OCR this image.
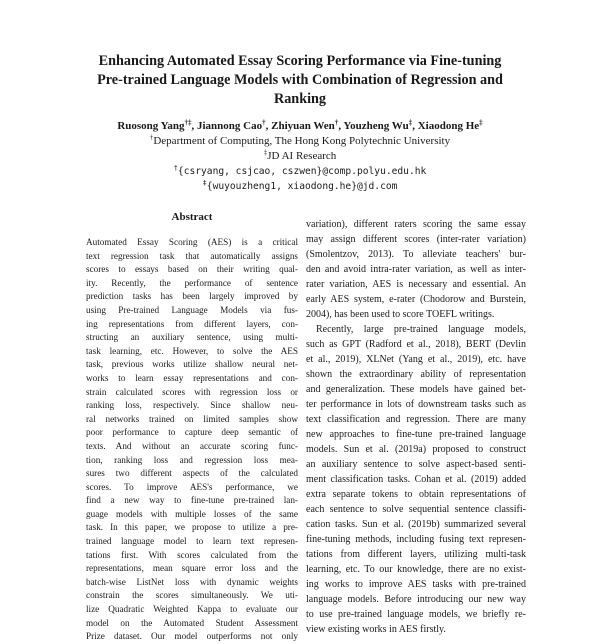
Enhancing Automated Essay Scoring Performance via Fine-tuning
Pre-trained Language Models with Combination of Regression and
Ranking
Ruosong Yang†‡, Jiannong Cao†, Zhiyuan Wen†, Youzheng Wu‡, Xiaodong He‡
†Department of Computing, The Hong Kong Polytechnic University
‡JD AI Research
†{csryang, csjcao, cszwen}@comp.polyu.edu.hk
‡{wuyouzheng1, xiaodong.he}@jd.com
Abstract
Automated Essay Scoring (AES) is a critical
text regression task that automatically assigns
scores to essays based on their writing qual-
ity. Recently, the performance of sentence
prediction tasks has been largely improved by
using Pre-trained Language Models via fus-
ing representations from different layers, con-
structing an auxiliary sentence, using multi-
task learning, etc. However, to solve the AES
task, previous works utilize shallow neural net-
works to learn essay representations and con-
strain calculated scores with regression loss or
ranking loss, respectively. Since shallow neu-
ral networks trained on limited samples show
poor performance to capture deep semantic of
texts. And without an accurate scoring func-
tion, ranking loss and regression loss mea-
sures two different aspects of the calculated
scores. To improve AES's performance, we
find a new way to fine-tune pre-trained lan-
guage models with multiple losses of the same
task. In this paper, we propose to utilize a pre-
trained language model to learn text represen-
tations first. With scores calculated from the
representations, mean square error loss and the
batch-wise ListNet loss with dynamic weights
constrain the scores simultaneously. We uti-
lize Quadratic Weighted Kappa to evaluate our
model on the Automated Student Assessment
Prize dataset. Our model outperforms not only
variation), different raters scoring the same essay
may assign different scores (inter-rater variation)
(Smolentzov, 2013). To alleviate teachers' bur-
den and avoid intra-rater variation, as well as inter-
rater variation, AES is necessary and essential. An
early AES system, e-rater (Chodorow and Burstein,
2004), has been used to score TOEFL writings.
Recently, large pre-trained language models,
such as GPT (Radford et al., 2018), BERT (Devlin
et al., 2019), XLNet (Yang et al., 2019), etc. have
shown the extraordinary ability of representation
and generalization. These models have gained bet-
ter performance in lots of downstream tasks such as
text classification and regression. There are many
new approaches to fine-tune pre-trained language
models. Sun et al. (2019a) proposed to construct
an auxiliary sentence to solve aspect-based senti-
ment classification tasks. Cohan et al. (2019) added
extra separate tokens to obtain representations of
each sentence to solve sequential sentence classifi-
cation tasks. Sun et al. (2019b) summarized several
fine-tuning methods, including fusing text represen-
tations from different layers, utilizing multi-task
learning, etc. To our knowledge, there are no exist-
ing works to improve AES tasks with pre-trained
language models. Before introducing our new way
to use pre-trained language models, we briefly re-
view existing works in AES firstly.
